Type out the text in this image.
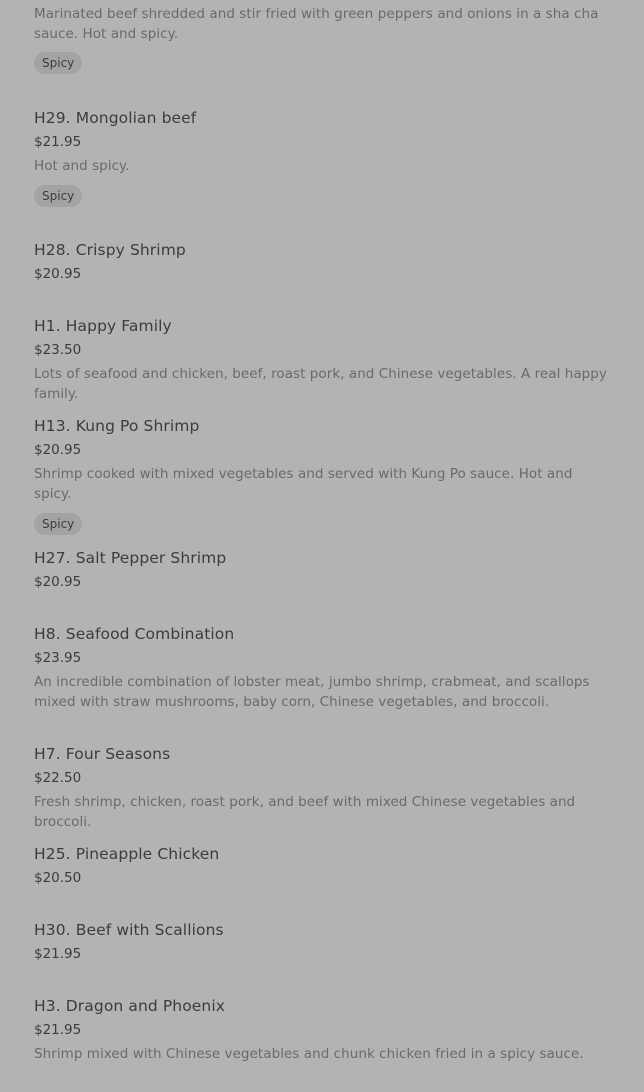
Marinated beef shredded and stir fried with green peppers and onions in a sha cha sauce. Hot and spicy.
Spicy
H29. Mongolian beef
$21.95
Hot and spicy.
Spicy
H28. Crispy Shrimp
$20.95
H1. Happy Family
$23.50
Lots of seafood and chicken, beef, roast pork, and Chinese vegetables. A real happy family.
H13. Kung Po Shrimp
$20.95
Shrimp cooked with mixed vegetables and served with Kung Po sauce. Hot and spicy.
Spicy
H27. Salt Pepper Shrimp
$20.95
H8. Seafood Combination
$23.95
An incredible combination of lobster meat, jumbo shrimp, crabmeat, and scallops mixed with straw mushrooms, baby corn, Chinese vegetables, and broccoli.
H7. Four Seasons
$22.50
Fresh shrimp, chicken, roast pork, and beef with mixed Chinese vegetables and broccoli.
H25. Pineapple Chicken
$20.50
H30. Beef with Scallions
$21.95
H3. Dragon and Phoenix
$21.95
Shrimp mixed with Chinese vegetables and chunk chicken fried in a spicy sauce.
